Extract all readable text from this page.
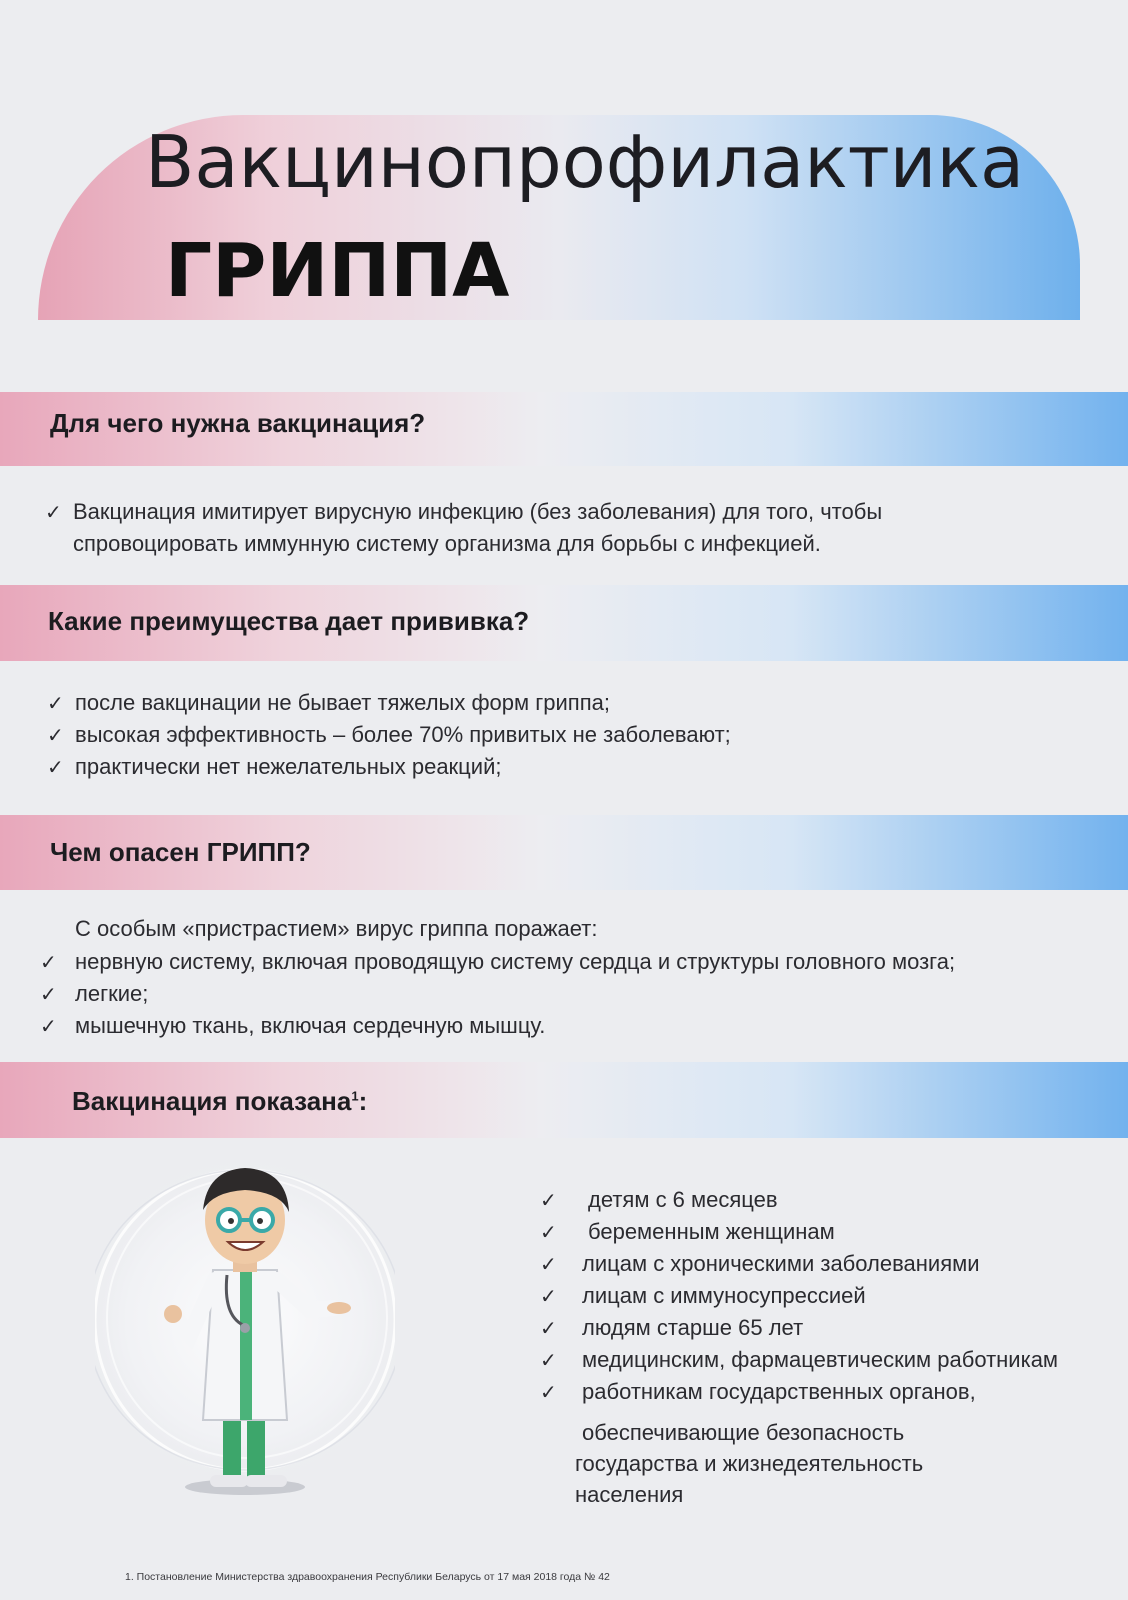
Вакцинопрофилактика
ГРИППА
Для чего нужна вакцинация?
✓ Вакцинация имитирует вирусную инфекцию (без заболевания) для того, чтобы
спровоцировать иммунную систему организма для борьбы с инфекцией.
Какие преимущества дает прививка?
✓ после вакцинации не бывает тяжелых форм гриппа;
✓ высокая эффективность – более 70% привитых не заболевают;
✓ практически нет нежелательных реакций;
Чем опасен ГРИПП?

С особым «пристрастием» вирус гриппа поражает:

✓ нервную систему, включая проводящую систему сердца и структуры головного мозга;
✓ легкие;
✓ мышечную ткань, включая сердечную мышцу.
Вакцинация показана$^1$:
✓	детям с 6 месяцев
✓	беременным женщинам
✓	лицам с хроническими заболеваниями
✓	лицам с иммуносупрессией
✓	людям старше 65 лет
✓	медицинским, фармацевтическим работникам
✓	работникам государственных органов,

обеспечивающие безопасность

государства и жизнедеятельность

населения

1. Постановление Министерства здравоохранения Республики Беларусь от 17 мая 2018 года № 42
